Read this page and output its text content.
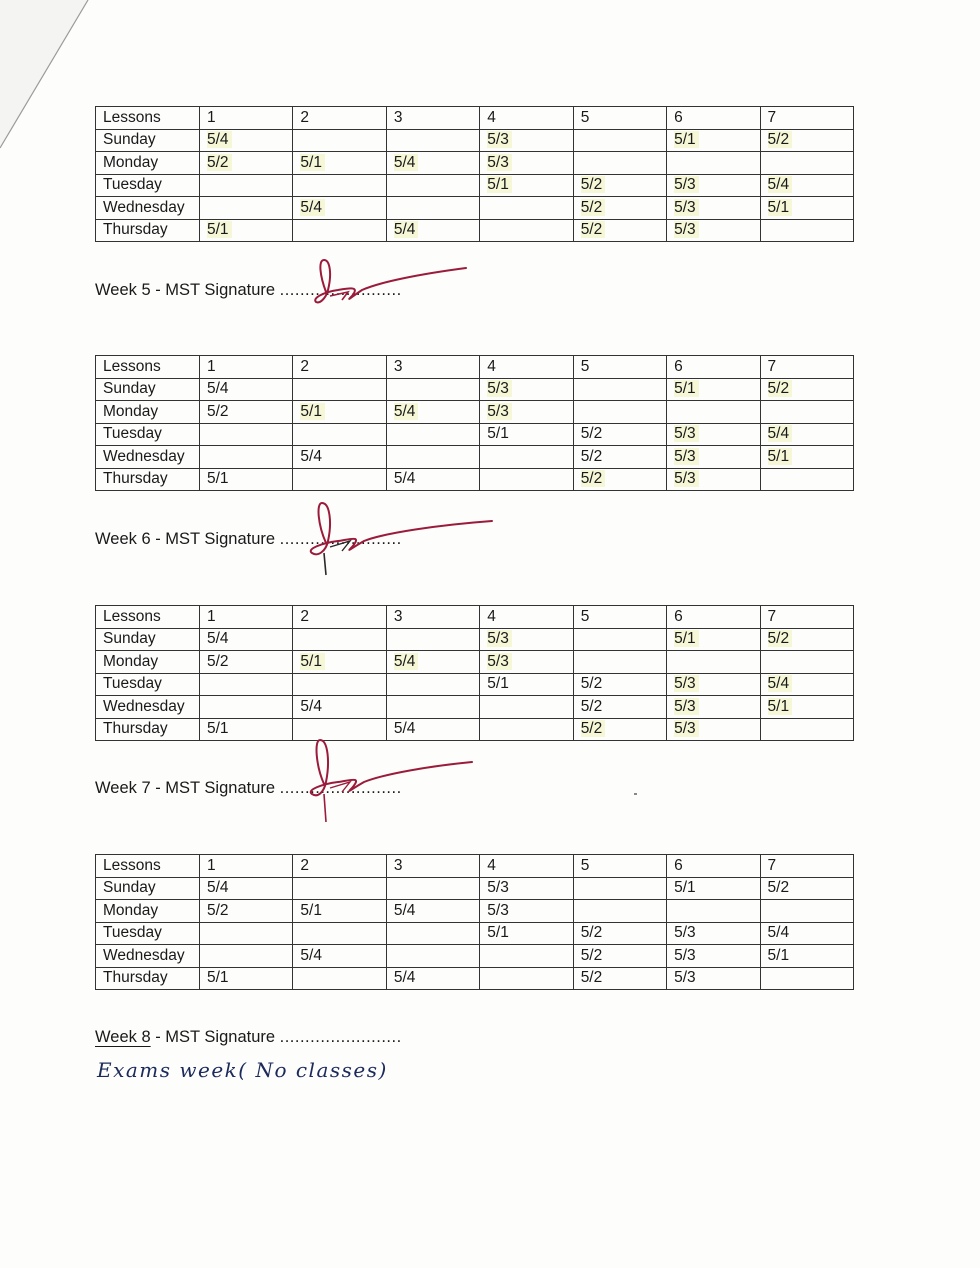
Lessons	1	2	3	4	5	6	7
Sunday	5/4			5/3		5/1	5/2
Monday	5/2	5/1	5/4	5/3			
Tuesday				5/1	5/2	5/3	5/4
Wednesday		5/4			5/2	5/3	5/1
Thursday	5/1		5/4		5/2	5/3	
Week 5 - MST Signature ........................
Lessons	1	2	3	4	5	6	7
Sunday	5/4			5/3		5/1	5/2
Monday	5/2	5/1	5/4	5/3			
Tuesday				5/1	5/2	5/3	5/4
Wednesday		5/4			5/2	5/3	5/1
Thursday	5/1		5/4		5/2	5/3	
Week 6 - MST Signature ........................
Lessons	1	2	3	4	5	6	7
Sunday	5/4			5/3		5/1	5/2
Monday	5/2	5/1	5/4	5/3			
Tuesday				5/1	5/2	5/3	5/4
Wednesday		5/4			5/2	5/3	5/1
Thursday	5/1		5/4		5/2	5/3	
Week 7 - MST Signature ........................
Lessons	1	2	3	4	5	6	7
Sunday	5/4			5/3		5/1	5/2
Monday	5/2	5/1	5/4	5/3			
Tuesday				5/1	5/2	5/3	5/4
Wednesday		5/4			5/2	5/3	5/1
Thursday	5/1		5/4		5/2	5/3	
Week 8 - MST Signature ........................
Exams week( No classes)
